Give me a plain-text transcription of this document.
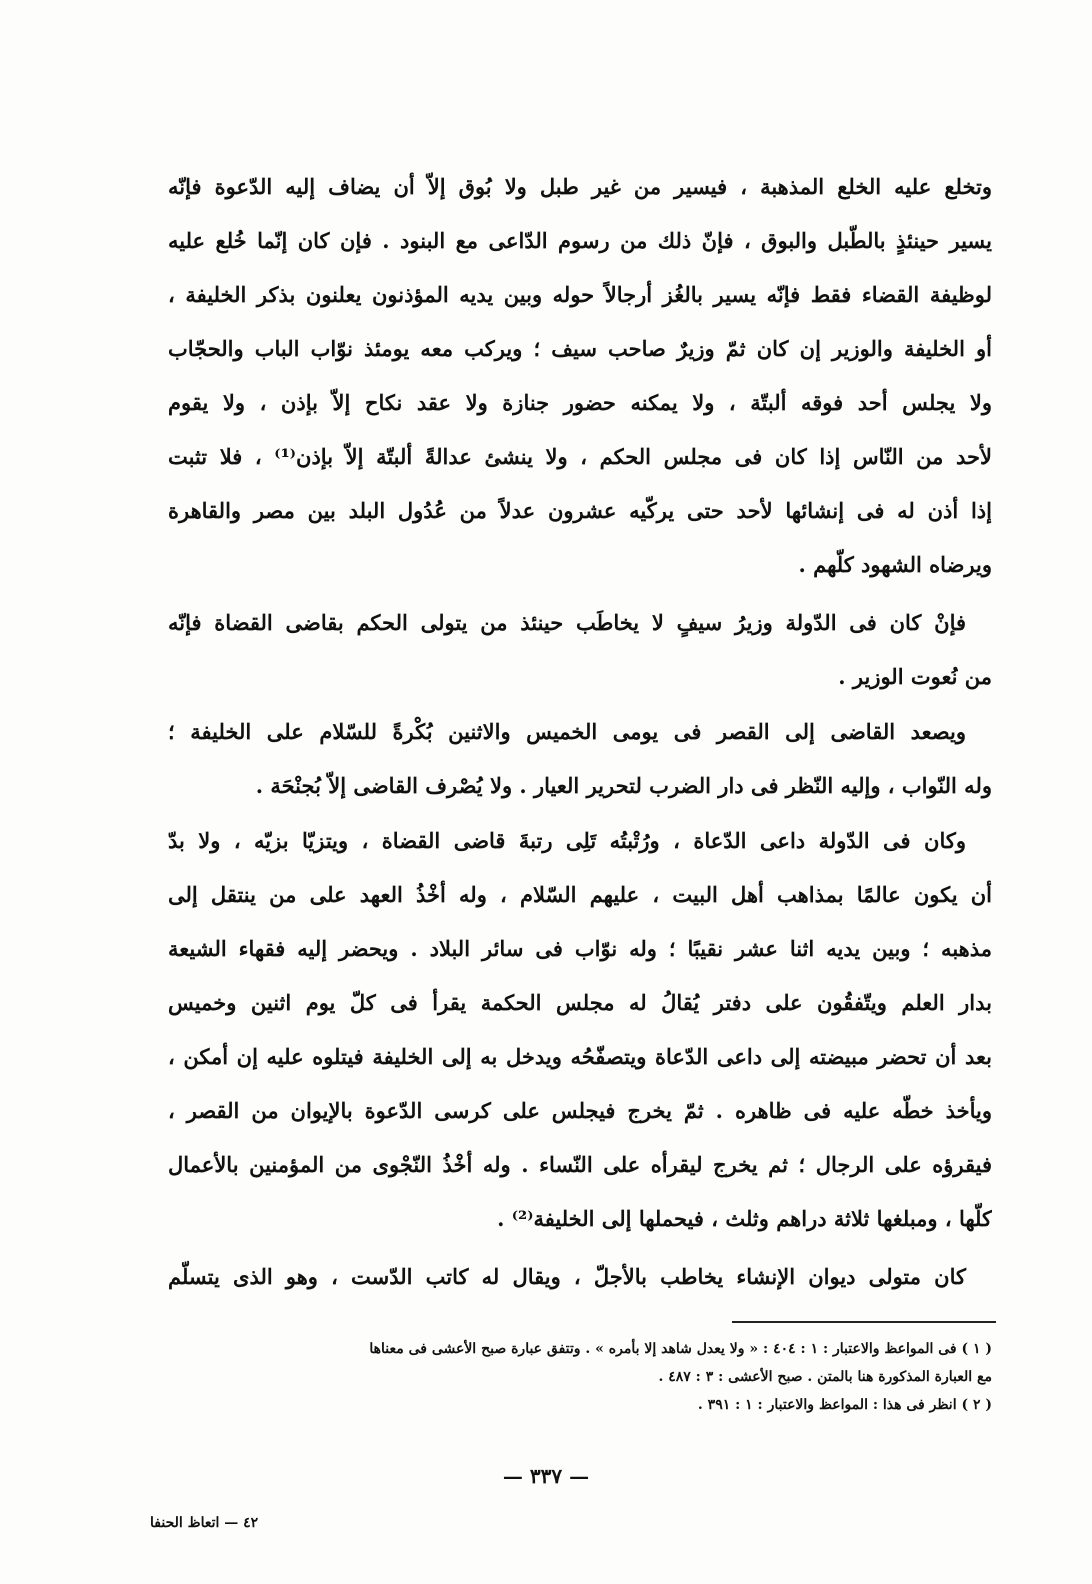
وتخلع عليه الخلع المذهبة ، فيسير من غير طبل ولا بُوق إلاّ أن يضاف إليه الدّعوة فإنّه
يسير حينئذٍ بالطّبل والبوق ، فإنّ ذلك من رسوم الدّاعى مع البنود . فإن كان إنّما خُلع عليه
لوظيفة القضاء فقط فإنّه يسير بالغُز أرجالاً حوله وبين يديه المؤذنون يعلنون بذكر الخليفة ،
أو الخليفة والوزير إن كان ثمّ وزيرٌ صاحب سيف ؛ ويركب معه يومئذ نوّاب الباب والحجّاب
ولا يجلس أحد فوقه ألبتّة ، ولا يمكنه حضور جنازة ولا عقد نكاح إلاّ بإذن ، ولا يقوم
لأحد من النّاس إذا كان فى مجلس الحكم ، ولا ينشئ عدالةً ألبتّة إلاّ بإذن⁽¹⁾ ، فلا تثبت
إذا أذن له فى إنشائها لأحد حتى يركّيه عشرون عدلاً من عُدُول البلد بين مصر والقاهرة
ويرضاه الشهود كلّهم .
فإنْ كان فى الدّولة وزيرُ سيفٍ لا يخاطَب حينئذ من يتولى الحكم بقاضى القضاة فإنّه
من نُعوت الوزير .
ويصعد القاضى إلى القصر فى يومى الخميس والاثنين بُكْرةً للسّلام على الخليفة ؛
وله النّواب ، وإليه النّظر فى دار الضرب لتحرير العيار . ولا يُصْرف القاضى إلاّ بُجنْحَة .
وكان فى الدّولة داعى الدّعاة ، ورُتْبتُه تَلِى رتبةَ قاضى القضاة ، ويتزيّا بزيّه ، ولا بدّ
أن يكون عالمًا بمذاهب أهل البيت ، عليهم السّلام ، وله أخْذُ العهد على من ينتقل إلى
مذهبه ؛ وبين يديه اثنا عشر نقيبًا ؛ وله نوّاب فى سائر البلاد . ويحضر إليه فقهاء الشيعة
بدار العلم ويتّفقُون على دفتر يُقالُ له مجلس الحكمة يقرأ فى كلّ يوم اثنين وخميس
بعد أن تحضر مبيضته إلى داعى الدّعاة ويتصفّحُه ويدخل به إلى الخليفة فيتلوه عليه إن أمكن ،
ويأخذ خطّه عليه فى ظاهره . ثمّ يخرج فيجلس على كرسى الدّعوة بالإيوان من القصر ،
فيقرؤه على الرجال ؛ ثم يخرج ليقرأه على النّساء . وله أخْذُ النّجْوى من المؤمنين بالأعمال
كلّها ، ومبلغها ثلاثة دراهم وثلث ، فيحملها إلى الخليفة⁽²⁾ .
كان متولى ديوان الإنشاء يخاطب بالأجلّ ، ويقال له كاتب الدّست ، وهو الذى يتسلّم
( ١ ) فى المواعظ والاعتبار : ١ : ٤٠٤ : « ولا يعدل شاهد إلا بأمره » . وتتفق عبارة صبح الأعشى فى معناها
مع العبارة المذكورة هنا بالمتن . صبح الأعشى : ٣ : ٤٨٧ .
( ٢ ) انظر فى هذا : المواعظ والاعتبار : ١ : ٣٩١ .
— ٣٣٧ —
٤٢ — اتعاظ الحنفا
